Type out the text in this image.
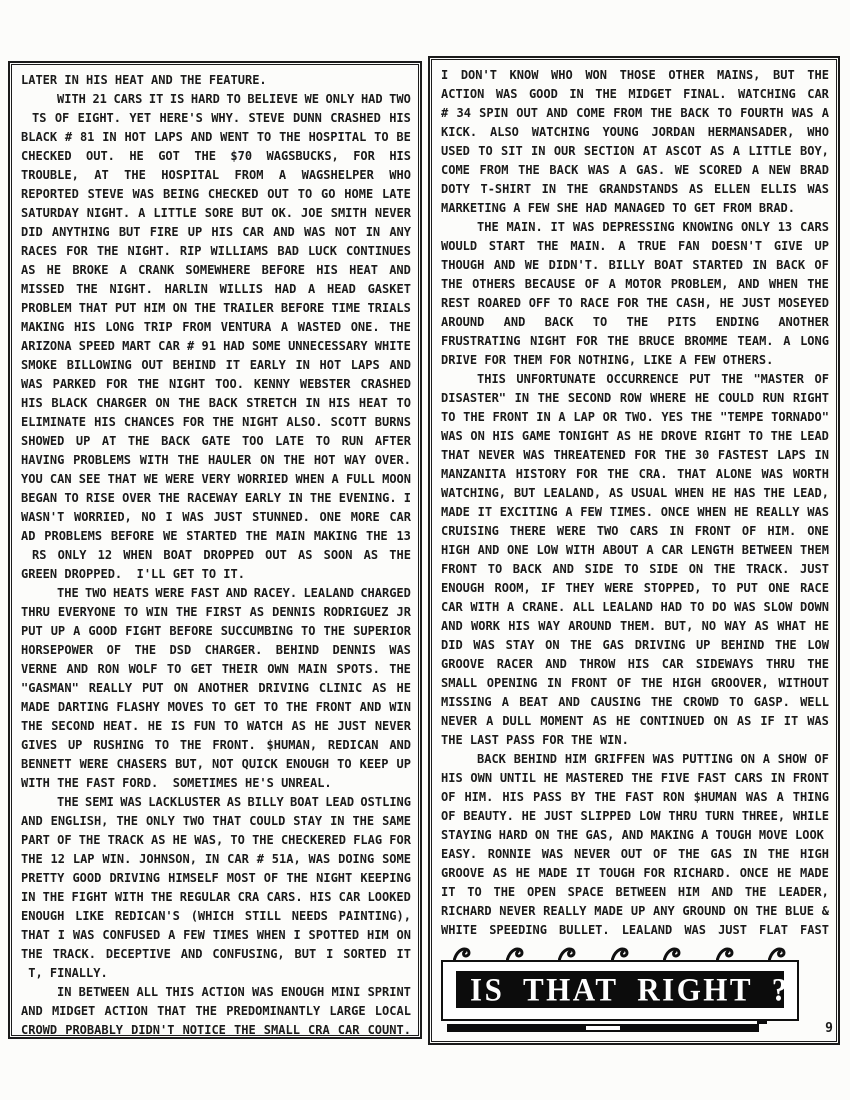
LATER IN HIS HEAT AND THE FEATURE.
WITH 21 CARS IT IS HARD TO BELIEVE WE ONLY HAD TWO
TS OF EIGHT. YET HERE'S WHY. STEVE DUNN CRASHED HIS
BLACK # 81 IN HOT LAPS AND WENT TO THE HOSPITAL TO BE
CHECKED OUT. HE GOT THE $70 WAGSBUCKS, FOR HIS
TROUBLE, AT THE HOSPITAL FROM A WAGSHELPER WHO
REPORTED STEVE WAS BEING CHECKED OUT TO GO HOME LATE
SATURDAY NIGHT. A LITTLE SORE BUT OK. JOE SMITH NEVER
DID ANYTHING BUT FIRE UP HIS CAR AND WAS NOT IN ANY
RACES FOR THE NIGHT. RIP WILLIAMS BAD LUCK CONTINUES
AS HE BROKE A CRANK SOMEWHERE BEFORE HIS HEAT AND
MISSED THE NIGHT. HARLIN WILLIS HAD A HEAD GASKET
PROBLEM THAT PUT HIM ON THE TRAILER BEFORE TIME TRIALS
MAKING HIS LONG TRIP FROM VENTURA A WASTED ONE. THE
ARIZONA SPEED MART CAR # 91 HAD SOME UNNECESSARY WHITE
SMOKE BILLOWING OUT BEHIND IT EARLY IN HOT LAPS AND
WAS PARKED FOR THE NIGHT TOO. KENNY WEBSTER CRASHED
HIS BLACK CHARGER ON THE BACK STRETCH IN HIS HEAT TO
ELIMINATE HIS CHANCES FOR THE NIGHT ALSO. SCOTT BURNS
SHOWED UP AT THE BACK GATE TOO LATE TO RUN AFTER
HAVING PROBLEMS WITH THE HAULER ON THE HOT WAY OVER.
YOU CAN SEE THAT WE WERE VERY WORRIED WHEN A FULL MOON
BEGAN TO RISE OVER THE RACEWAY EARLY IN THE EVENING. I
WASN'T WORRIED, NO I WAS JUST STUNNED. ONE MORE CAR
AD PROBLEMS BEFORE WE STARTED THE MAIN MAKING THE 13
RS ONLY 12 WHEN BOAT DROPPED OUT AS SOON AS THE
GREEN DROPPED.  I'LL GET TO IT.
THE TWO HEATS WERE FAST AND RACEY. LEALAND CHARGED
THRU EVERYONE TO WIN THE FIRST AS DENNIS RODRIGUEZ JR
PUT UP A GOOD FIGHT BEFORE SUCCUMBING TO THE SUPERIOR
HORSEPOWER OF THE DSD CHARGER. BEHIND DENNIS WAS
VERNE AND RON WOLF TO GET THEIR OWN MAIN SPOTS. THE
"GASMAN" REALLY PUT ON ANOTHER DRIVING CLINIC AS HE
MADE DARTING FLASHY MOVES TO GET TO THE FRONT AND WIN
THE SECOND HEAT. HE IS FUN TO WATCH AS HE JUST NEVER
GIVES UP RUSHING TO THE FRONT. $HUMAN, REDICAN AND
BENNETT WERE CHASERS BUT, NOT QUICK ENOUGH TO KEEP UP
WITH THE FAST FORD.  SOMETIMES HE'S UNREAL.
THE SEMI WAS LACKLUSTER AS BILLY BOAT LEAD OSTLING
AND ENGLISH, THE ONLY TWO THAT COULD STAY IN THE SAME
PART OF THE TRACK AS HE WAS, TO THE CHECKERED FLAG FOR
THE 12 LAP WIN. JOHNSON, IN CAR # 51A, WAS DOING SOME
PRETTY GOOD DRIVING HIMSELF MOST OF THE NIGHT KEEPING
IN THE FIGHT WITH THE REGULAR CRA CARS. HIS CAR LOOKED
ENOUGH LIKE REDICAN'S (WHICH STILL NEEDS PAINTING),
THAT I WAS CONFUSED A FEW TIMES WHEN I SPOTTED HIM ON
THE TRACK. DECEPTIVE AND CONFUSING, BUT I SORTED IT
T, FINALLY.
IN BETWEEN ALL THIS ACTION WAS ENOUGH MINI SPRINT
AND MIDGET ACTION THAT THE PREDOMINANTLY LARGE LOCAL
CROWD PROBABLY DIDN'T NOTICE THE SMALL CRA CAR COUNT.
I DON'T KNOW WHO WON THOSE OTHER MAINS, BUT THE
ACTION WAS GOOD IN THE MIDGET FINAL. WATCHING CAR
# 34 SPIN OUT AND COME FROM THE BACK TO FOURTH WAS A
KICK. ALSO WATCHING YOUNG JORDAN HERMANSADER, WHO
USED TO SIT IN OUR SECTION AT ASCOT AS A LITTLE BOY,
COME FROM THE BACK WAS A GAS. WE SCORED A NEW BRAD
DOTY T-SHIRT IN THE GRANDSTANDS AS ELLEN ELLIS WAS
MARKETING A FEW SHE HAD MANAGED TO GET FROM BRAD.
THE MAIN. IT WAS DEPRESSING KNOWING ONLY 13 CARS
WOULD START THE MAIN. A TRUE FAN DOESN'T GIVE UP
THOUGH AND WE DIDN'T. BILLY BOAT STARTED IN BACK OF
THE OTHERS BECAUSE OF A MOTOR PROBLEM, AND WHEN THE
REST ROARED OFF TO RACE FOR THE CASH, HE JUST MOSEYED
AROUND AND BACK TO THE PITS ENDING ANOTHER
FRUSTRATING NIGHT FOR THE BRUCE BROMME TEAM. A LONG
DRIVE FOR THEM FOR NOTHING, LIKE A FEW OTHERS.
THIS UNFORTUNATE OCCURRENCE PUT THE "MASTER OF
DISASTER" IN THE SECOND ROW WHERE HE COULD RUN RIGHT
TO THE FRONT IN A LAP OR TWO. YES THE "TEMPE TORNADO"
WAS ON HIS GAME TONIGHT AS HE DROVE RIGHT TO THE LEAD
THAT NEVER WAS THREATENED FOR THE 30 FASTEST LAPS IN
MANZANITA HISTORY FOR THE CRA. THAT ALONE WAS WORTH
WATCHING, BUT LEALAND, AS USUAL WHEN HE HAS THE LEAD,
MADE IT EXCITING A FEW TIMES. ONCE WHEN HE REALLY WAS
CRUISING THERE WERE TWO CARS IN FRONT OF HIM. ONE
HIGH AND ONE LOW WITH ABOUT A CAR LENGTH BETWEEN THEM
FRONT TO BACK AND SIDE TO SIDE ON THE TRACK. JUST
ENOUGH ROOM, IF THEY WERE STOPPED, TO PUT ONE RACE
CAR WITH A CRANE. ALL LEALAND HAD TO DO WAS SLOW DOWN
AND WORK HIS WAY AROUND THEM. BUT, NO WAY AS WHAT HE
DID WAS STAY ON THE GAS DRIVING UP BEHIND THE LOW
GROOVE RACER AND THROW HIS CAR SIDEWAYS THRU THE
SMALL OPENING IN FRONT OF THE HIGH GROOVER, WITHOUT
MISSING A BEAT AND CAUSING THE CROWD TO GASP. WELL
NEVER A DULL MOMENT AS HE CONTINUED ON AS IF IT WAS
THE LAST PASS FOR THE WIN.
BACK BEHIND HIM GRIFFEN WAS PUTTING ON A SHOW OF
HIS OWN UNTIL HE MASTERED THE FIVE FAST CARS IN FRONT
OF HIM. HIS PASS BY THE FAST RON $HUMAN WAS A THING
OF BEAUTY. HE JUST SLIPPED LOW THRU TURN THREE, WHILE
STAYING HARD ON THE GAS, AND MAKING A TOUGH MOVE LOOK
EASY. RONNIE WAS NEVER OUT OF THE GAS IN THE HIGH
GROOVE AS HE MADE IT TOUGH FOR RICHARD. ONCE HE MADE
IT TO THE OPEN SPACE BETWEEN HIM AND THE LEADER,
RICHARD NEVER REALLY MADE UP ANY GROUND ON THE BLUE &
WHITE SPEEDING BULLET. LEALAND WAS JUST FLAT FAST
IS THAT RIGHT ?
9
